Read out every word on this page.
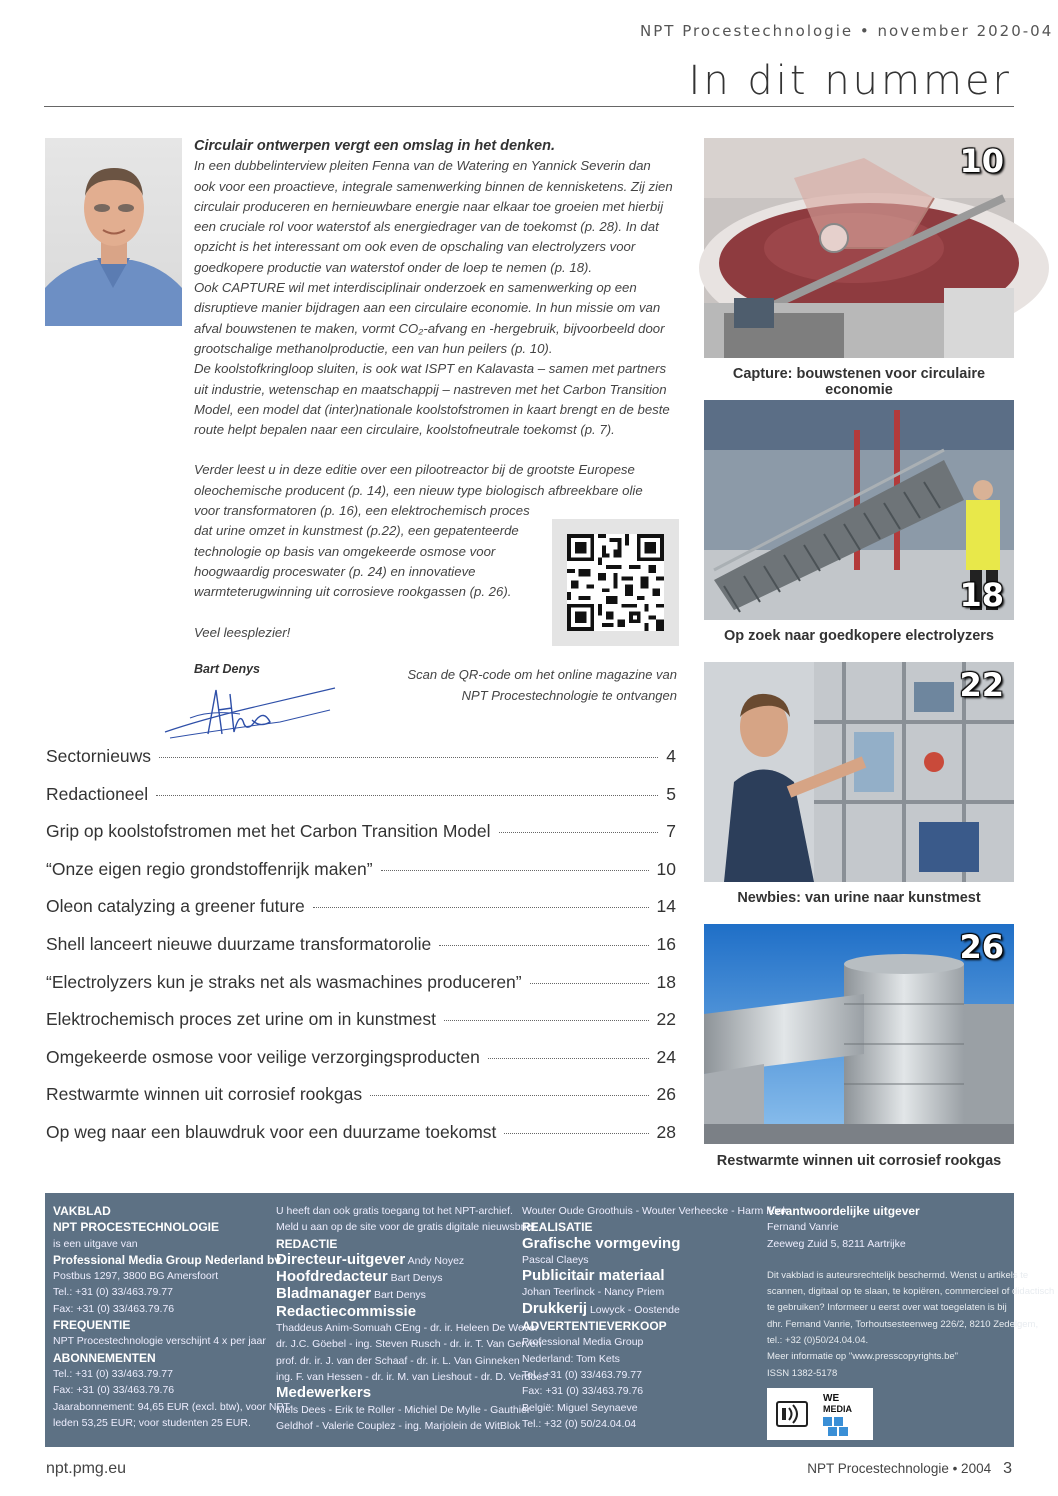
NPT Procestechnologie • november 2020-04
In dit nummer

Circulair ontwerpen vergt een omslag in het denken.

In een dubbelinterview pleiten Fenna van de Watering en Yannick Severin dan ook voor een proactieve, integrale samenwerking binnen de kennisketens. Zij zien circulair produceren en hernieuwbare energie naar elkaar toe groeien met hierbij een cruciale rol voor waterstof als energiedrager van de toekomst (p. 28). In dat opzicht is het interessant om ook even de opschaling van electrolyzers voor goedkopere productie van waterstof onder de loep te nemen (p. 18).

Ook CAPTURE wil met interdisciplinair onderzoek en samenwerking op een disruptieve manier bijdragen aan een circulaire economie. In hun missie om van afval bouwstenen te maken, vormt CO₂-afvang en -hergebruik, bijvoorbeeld door grootschalige methanolproductie, een van hun peilers (p. 10).

De koolstofkringloop sluiten, is ook wat ISPT en Kalavasta – samen met partners uit industrie, wetenschap en maatschappij – nastreven met het Carbon Transition Model, een model dat (inter)nationale koolstofstromen in kaart brengt en de beste route helpt bepalen naar een circulaire, koolstofneutrale toekomst (p. 7).

Verder leest u in deze editie over een pilootreactor bij de grootste Europese oleochemische producent (p. 14), een nieuw type biologisch afbreekbare olie voor transformatoren (p. 16), een elektrochemisch proces

dat urine omzet in kunstmest (p.22), een gepatenteerde technologie op basis van omgekeerde osmose voor hoogwaardig proceswater (p. 24) en innovatieve warmteterugwinning uit corrosieve rookgassen (p. 26).

Veel leesplezier!

Scan de QR-code om het online magazine van NPT Procestechnologie te ontvangen
Bart Denys
Sectornieuws	4
Redactioneel	5
Grip op koolstofstromen met het Carbon Transition Model	7
“Onze eigen regio grondstoffenrijk maken”	10
Oleon catalyzing a greener future	14
Shell lanceert nieuwe duurzame transformatorolie	16
“Electrolyzers kun je straks net als wasmachines produceren”	18
Elektrochemisch proces zet urine om in kunstmest	22
Omgekeerde osmose voor veilige verzorgingsproducten	24
Restwarmte winnen uit corrosief rookgas	26
Op weg naar een blauwdruk voor een duurzame toekomst	28
10
Capture: bouwstenen voor circulaire economie
18
Op zoek naar goedkopere electrolyzers
22
Newbies: van urine naar kunstmest
26
Restwarmte winnen uit corrosief rookgas
VAKBLAD
NPT PROCESTECHNOLOGIE
is een uitgave van
Professional Media Group Nederland bv
Postbus 1297, 3800 BG Amersfoort
Tel.: +31 (0) 33/463.79.77
Fax: +31 (0) 33/463.79.76
FREQUENTIE
NPT Procestechnologie verschijnt 4 x per jaar
ABONNEMENTEN
Tel.: +31 (0) 33/463.79.77
Fax: +31 (0) 33/463.79.76
Jaarabonnement: 94,65 EUR (excl. btw), voor NPT-
leden 53,25 EUR; voor studenten 25 EUR.
U heeft dan ook gratis toegang tot het NPT-archief.
Meld u aan op de site voor de gratis digitale nieuwsbrief
REDACTIE
Directeur-uitgever Andy Noyez
Hoofdredacteur Bart Denys
Bladmanager Bart Denys
Redactiecommissie
Thaddeus Anim-Somuah CEng - dr. ir. Heleen De Wever
dr. J.C. Göebel - ing. Steven Rusch - dr. ir. T. Van Gerven
prof. dr. ir. J. van der Schaaf - dr. ir. L. Van Ginneken
ing. F. van Hessen - dr. ir. M. van Lieshout - dr. D. Verdoes
Medewerkers
Mels Dees - Erik te Roller - Michiel De Mylle - Gauthier
Geldhof - Valerie Couplez - ing. Marjolein de WitBlok
Wouter Oude Groothuis - Wouter Verheecke - Harm Ikink
REALISATIE
Grafische vormgeving
Pascal Claeys
Publicitair materiaal
Johan Teerlinck - Nancy Priem
Drukkerij Lowyck - Oostende
ADVERTENTIEVERKOOP
Professional Media Group
Nederland: Tom Kets
Tel.: +31 (0) 33/463.79.77
Fax: +31 (0) 33/463.79.76
België: Miguel Seynaeve
Tel.: +32 (0) 50/24.04.04
Verantwoordelijke uitgever
Fernand Vanrie
Zeeweg Zuid 5, 8211 Aartrijke
Dit vakblad is auteursrechtelijk beschermd. Wenst u artikels te
scannen, digitaal op te slaan, te kopiëren, commercieel of didactisch
te gebruiken? Informeer u eerst over wat toegelaten is bij
dhr. Fernand Vanrie, Torhoutsesteenweg 226/2, 8210 Zedelgem,
tel.: +32 (0)50/24.04.04.
Meer informatie op "www.presscopyrights.be"
ISSN 1382-5178
WE
MEDIA
npt.pmg.eu	NPT Procestechnologie • 2004 3
